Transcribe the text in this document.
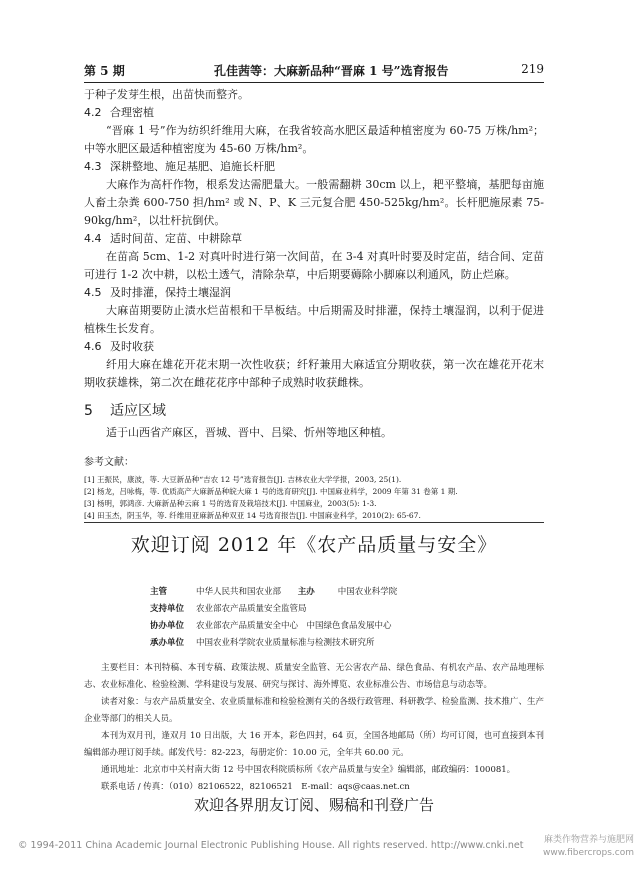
第 5 期	孔佳茜等：大麻新品种“晋麻 1 号”选育报告	219

于种子发芽生根，出苗快而整齐。

4.2 合理密植

“晋麻 1 号”作为纺织纤维用大麻，在我省较高水肥区最适种植密度为 60-75 万株/hm²；中等水肥区最适种植密度为 45-60 万株/hm²。

4.3 深耕整地、施足基肥、追施长杆肥

大麻作为高杆作物，根系发达需肥量大。一般需翻耕 30cm 以上，耙平整墒，基肥每亩施人畜土杂粪 600-750 担/hm² 或 N、P、K 三元复合肥 450-525kg/hm²。长杆肥施尿素 75-90kg/hm²，以壮杆抗倒伏。

4.4 适时间苗、定苗、中耕除草

在苗高 5cm、1-2 对真叶时进行第一次间苗，在 3-4 对真叶时要及时定苗，结合间、定苗可进行 1-2 次中耕，以松土透气，清除杂草，中后期要薅除小脚麻以利通风，防止烂麻。

4.5 及时排灌，保持土壤湿润

大麻苗期要防止渍水烂苗根和干旱板结。中后期需及时排灌，保持土壤湿润，以利于促进植株生长发育。

4.6 及时收获

纤用大麻在雄花开花末期一次性收获；纤籽兼用大麻适宜分期收获，第一次在雄花开花末期收获雄株，第二次在雌花花序中部种子成熟时收获雌株。

5 适应区域

适于山西省产麻区，晋城、晋中、吕梁、忻州等地区种植。

参考文献：

[1] 王振民，康波，等. 大豆新品种“吉农 12 号”选育报告[J]. 吉林农业大学学报，2003, 25(1).

[2] 杨龙，吕咏梅，等. 优质高产大麻新品种皖大麻 1 号的选育研究[J]. 中国麻业科学，2009 年第 31 卷第 1 期.

[3] 杨明，郭鸿彦. 大麻新品种云麻 1 号的选育及栽培技术[J]. 中国麻业，2003(5): 1-3.

[4] 田玉杰，阴玉华，等. 纤维用亚麻新品种双亚 14 号选育报告[J]. 中国麻业科学，2010(2): 65-67.

欢迎订阅 2012 年《农产品质量与安全》
主管	中华人民共和国农业部 主办	中国农业科学院
支持单位 农业部农产品质量安全监管局
协办单位 农业部农产品质量安全中心　中国绿色食品发展中心
承办单位 中国农业科学院农业质量标准与检测技术研究所

主要栏目：本刊特稿、本刊专稿、政策法规、质量安全监管、无公害农产品、绿色食品、有机农产品、农产品地理标志、农业标准化、检验检测、学科建设与发展、研究与探讨、海外博览、农业标准公告、市场信息与动态等。

读者对象：与农产品质量安全、农业质量标准和检验检测有关的各级行政管理、科研教学、检验监测、技术推广、生产企业等部门的相关人员。

本刊为双月刊，逢双月 10 日出版，大 16 开本，彩色四封，64 页，全国各地邮局（所）均可订阅，也可直接到本刊编辑部办理订阅手续。邮发代号：82-223，每册定价：10.00 元，全年共 60.00 元。

通讯地址：北京市中关村南大街 12 号中国农科院质标所《农产品质量与安全》编辑部，邮政编码：100081。

联系电话 / 传真：（010）82106522，82106521　E-mail：aqs@caas.net.cn

欢迎各界朋友订阅、赐稿和刊登广告
© 1994-2011 China Academic Journal Electronic Publishing House. All rights reserved. http://www.cnki.net	麻类作物营养与施肥网
www.fibercrops.com
